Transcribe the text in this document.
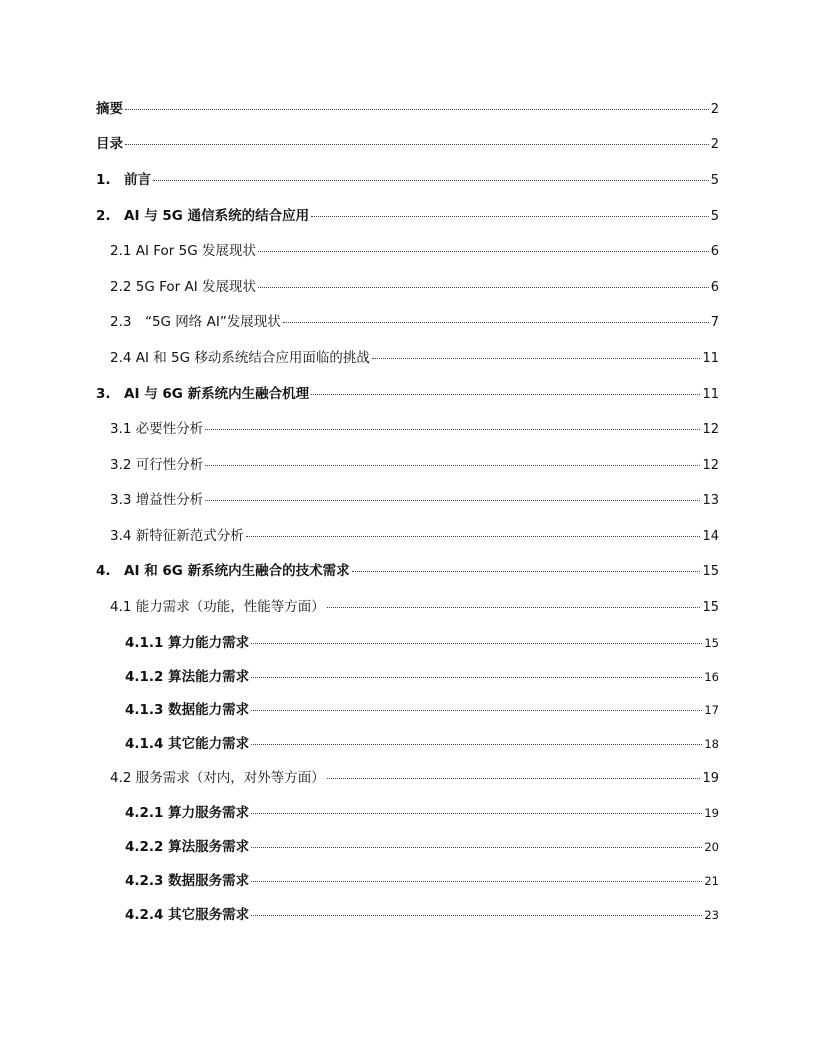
摘要	2
目录	2
1.　前言	5
2.　AI 与 5G 通信系统的结合应用	5
2.1 AI For 5G 发展现状	6
2.2 5G For AI 发展现状	6
2.3　“5G 网络 AI”发展现状	7
2.4 AI 和 5G 移动系统结合应用面临的挑战	11
3.　AI 与 6G 新系统内生融合机理	11
3.1 必要性分析	12
3.2 可行性分析	12
3.3 增益性分析	13
3.4 新特征新范式分析	14
4.　AI 和 6G 新系统内生融合的技术需求	15
4.1 能力需求（功能，性能等方面）	15
4.1.1 算力能力需求	15
4.1.2 算法能力需求	16
4.1.3 数据能力需求	17
4.1.4 其它能力需求	18
4.2 服务需求（对内，对外等方面）	19
4.2.1 算力服务需求	19
4.2.2 算法服务需求	20
4.2.3 数据服务需求	21
4.2.4 其它服务需求	23
